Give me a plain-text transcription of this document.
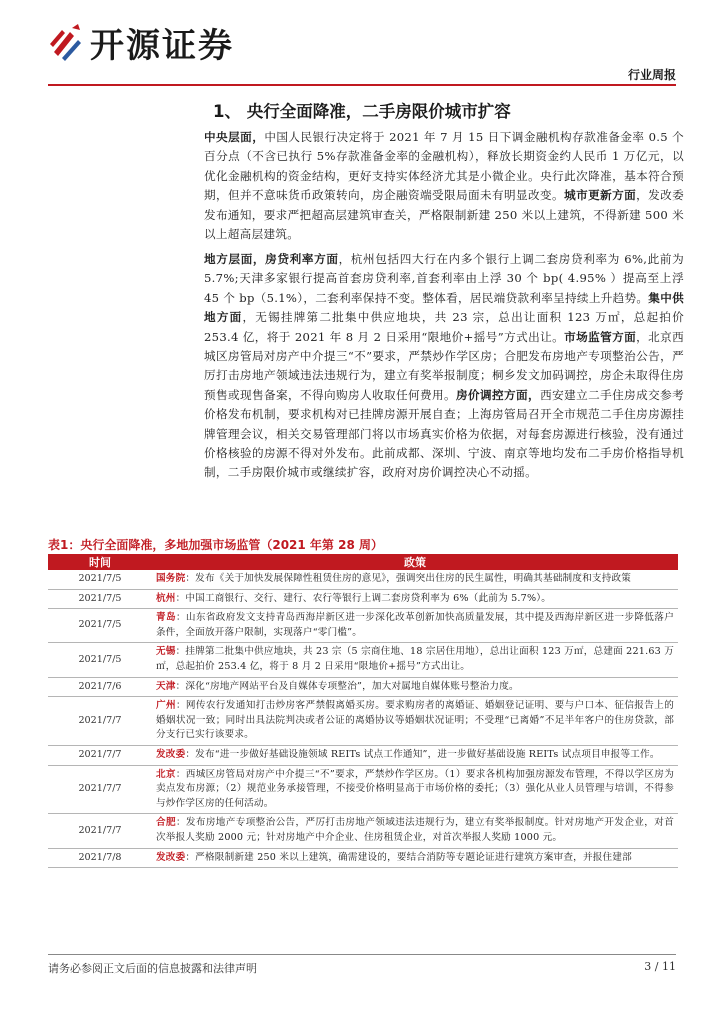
开源证券
行业周报
1、 央行全面降准，二手房限价城市扩容

中央层面，中国人民银行决定将于 2021 年 7 月 15 日下调金融机构存款准备金率 0.5 个百分点（不含已执行 5%存款准备金率的金融机构），释放长期资金约人民币 1 万亿元，以优化金融机构的资金结构，更好支持实体经济尤其是小微企业。央行此次降准，基本符合预期，但并不意味货币政策转向，房企融资端受限局面未有明显改变。城市更新方面，发改委发布通知，要求严把超高层建筑审查关，严格限制新建 250 米以上建筑，不得新建 500 米以上超高层建筑。

地方层面，房贷利率方面，杭州包括四大行在内多个银行上调二套房贷利率为 6%,此前为 5.7%;天津多家银行提高首套房贷利率,首套利率由上浮 30 个 bp( 4.95% ）提高至上浮 45 个 bp（5.1%），二套利率保持不变。整体看，居民端贷款利率呈持续上升趋势。集中供地方面，无锡挂牌第二批集中供应地块，共 23 宗，总出让面积 123 万㎡，总起拍价 253.4 亿，将于 2021 年 8 月 2 日采用“限地价+摇号”方式出让。市场监管方面，北京西城区房管局对房产中介提三“不”要求，严禁炒作学区房；合肥发布房地产专项整治公告，严厉打击房地产领域违法违规行为，建立有奖举报制度；桐乡发文加码调控，房企未取得住房预售或现售备案，不得向购房人收取任何费用。房价调控方面，西安建立二手住房成交参考价格发布机制，要求机构对已挂牌房源开展自查；上海房管局召开全市规范二手住房房源挂牌管理会议，相关交易管理部门将以市场真实价格为依据，对每套房源进行核验，没有通过价格核验的房源不得对外发布。此前成都、深圳、宁波、南京等地均发布二手房价格指导机制，二手房限价城市或继续扩容，政府对房价调控决心不动摇。

表1：央行全面降准，多地加强市场监管（2021 年第 28 周）
时间	政策
2021/7/5	国务院：发布《关于加快发展保障性租赁住房的意见》，强调突出住房的民生属性，明确其基础制度和支持政策
2021/7/5	杭州：中国工商银行、交行、建行、农行等银行上调二套房贷利率为 6%（此前为 5.7%）。
2021/7/5	青岛：山东省政府发文支持青岛西海岸新区进一步深化改革创新加快高质量发展，其中提及西海岸新区进一步降低落户条件，全面放开落户限制，实现落户“零门槛”。
2021/7/5	无锡：挂牌第二批集中供应地块，共 23 宗（5 宗商住地、18 宗居住用地），总出让面积 123 万㎡，总建面 221.63 万㎡，总起拍价 253.4 亿，将于 8 月 2 日采用“限地价+摇号”方式出让。
2021/7/6	天津：深化“房地产网站平台及自媒体专项整治”，加大对属地自媒体账号整治力度。
2021/7/7	广州：网传农行发通知打击炒房客严禁假离婚买房。要求购房者的离婚证、婚姻登记证明、要与户口本、征信报告上的婚姻状况一致；同时出具法院判决或者公证的离婚协议等婚姻状况证明；不受理“已离婚”不足半年客户的住房贷款，部分支行已实行该要求。
2021/7/7	发改委：发布“进一步做好基础设施领域 REITs 试点工作通知”，进一步做好基础设施 REITs 试点项目申报等工作。
2021/7/7	北京：西城区房管局对房产中介提三“不”要求，严禁炒作学区房。（1）要求各机构加强房源发布管理，不得以学区房为卖点发布房源；（2）规范业务承接管理，不接受价格明显高于市场价格的委托；（3）强化从业人员管理与培训，不得参与炒作学区房的任何活动。
2021/7/7	合肥：发布房地产专项整治公告，严厉打击房地产领域违法违规行为，建立有奖举报制度。针对房地产开发企业，对首次举报人奖励 2000 元；针对房地产中介企业、住房租赁企业，对首次举报人奖励 1000 元。
2021/7/8	发改委：严格限制新建 250 米以上建筑，确需建设的，要结合消防等专题论证进行建筑方案审查，并报住建部
请务必参阅正文后面的信息披露和法律声明	3 / 11
